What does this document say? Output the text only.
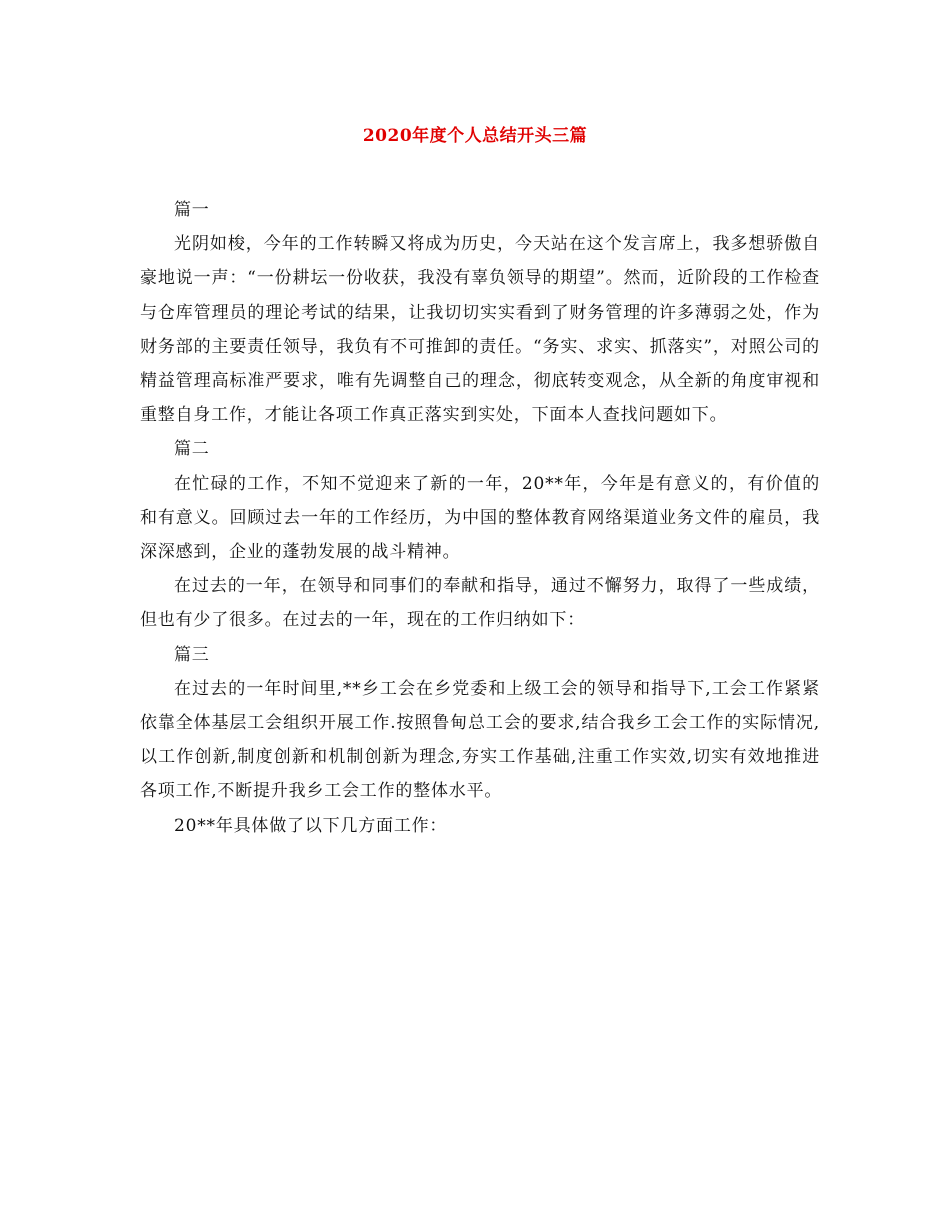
2020年度个人总结开头三篇

篇一

光阴如梭，今年的工作转瞬又将成为历史，今天站在这个发言席上，我多想骄傲自豪地说一声：“一份耕坛一份收获，我没有辜负领导的期望”。然而，近阶段的工作检查与仓库管理员的理论考试的结果，让我切切实实看到了财务管理的许多薄弱之处，作为财务部的主要责任领导，我负有不可推卸的责任。“务实、求实、抓落实”，对照公司的精益管理高标准严要求，唯有先调整自己的理念，彻底转变观念，从全新的角度审视和重整自身工作，才能让各项工作真正落实到实处，下面本人查找问题如下。

篇二

在忙碌的工作，不知不觉迎来了新的一年，20**年，今年是有意义的，有价值的和有意义。回顾过去一年的工作经历，为中国的整体教育网络渠道业务文件的雇员，我深深感到，企业的蓬勃发展的战斗精神。

在过去的一年，在领导和同事们的奉献和指导，通过不懈努力，取得了一些成绩，但也有少了很多。在过去的一年，现在的工作归纳如下：

篇三

在过去的一年时间里,**乡工会在乡党委和上级工会的领导和指导下,工会工作紧紧依靠全体基层工会组织开展工作.按照鲁甸总工会的要求,结合我乡工会工作的实际情况,以工作创新,制度创新和机制创新为理念,夯实工作基础,注重工作实效,切实有效地推进各项工作,不断提升我乡工会工作的整体水平。

20**年具体做了以下几方面工作：
